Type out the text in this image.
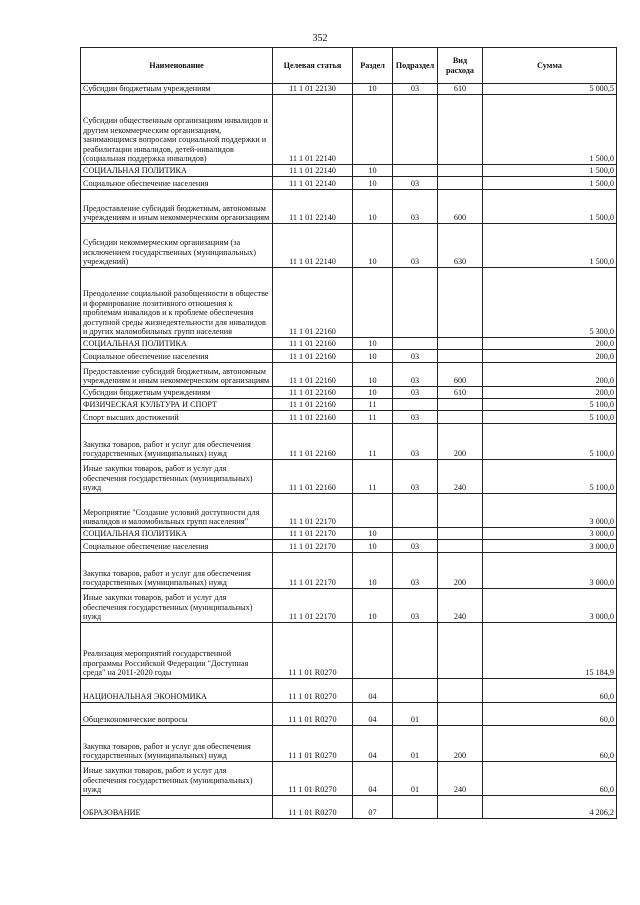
352
Наименование	Целевая статья	Раздел	Подраздел	Вид расхода	Сумма
Субсидии бюджетным учреждениям	11 1 01 22130	10	03	610	5 000,5
Субсидии общественным организациям инвалидов и другим некоммерческим организациям, занимающимся вопросами социальной поддержки и реабилитации инвалидов, детей-инвалидов (социальная поддержка инвалидов)	11 1 01 22140				1 500,0
СОЦИАЛЬНАЯ ПОЛИТИКА	11 1 01 22140	10			1 500,0
Социальное обеспечение населения	11 1 01 22140	10	03		1 500,0
Предоставление субсидий бюджетным, автономным учреждениям и иным некоммерческим организациям	11 1 01 22140	10	03	600	1 500,0
Субсидии некоммерческим организациям (за исключением государственных (муниципальных) учреждений)	11 1 01 22140	10	03	630	1 500,0
Преодоление социальной разобщенности в обществе и формирование позитивного отношения к проблемам инвалидов и к проблеме обеспечения доступной среды жизнедеятельности для инвалидов и других маломобильных групп населения	11 1 01 22160				5 300,0
СОЦИАЛЬНАЯ ПОЛИТИКА	11 1 01 22160	10			200,0
Социальное обеспечение населения	11 1 01 22160	10	03		200,0
Предоставление субсидий бюджетным, автономным учреждениям и иным некоммерческим организациям	11 1 01 22160	10	03	600	200,0
Субсидии бюджетным учреждениям	11 1 01 22160	10	03	610	200,0
ФИЗИЧЕСКАЯ КУЛЬТУРА И СПОРТ	11 1 01 22160	11			5 100,0
Спорт высших достижений	11 1 01 22160	11	03		5 100,0
Закупка товаров, работ и услуг для обеспечения государственных (муниципальных) нужд	11 1 01 22160	11	03	200	5 100,0
Иные закупки товаров, работ и услуг для обеспечения государственных (муниципальных) нужд	11 1 01 22160	11	03	240	5 100,0
Мероприятие "Создание условий доступности для инвалидов и маломобильных групп населения"	11 1 01 22170				3 000,0
СОЦИАЛЬНАЯ ПОЛИТИКА	11 1 01 22170	10			3 000,0
Социальное обеспечение населения	11 1 01 22170	10	03		3 000,0
Закупка товаров, работ и услуг для обеспечения государственных (муниципальных) нужд	11 1 01 22170	10	03	200	3 000,0
Иные закупки товаров, работ и услуг для обеспечения государственных (муниципальных) нужд	11 1 01 22170	10	03	240	3 000,0
Реализация мероприятий государственной программы Российской Федерации "Доступная среда" на 2011-2020 годы	11 1 01 R0270				15 184,9
НАЦИОНАЛЬНАЯ ЭКОНОМИКА	11 1 01 R0270	04			60,0
Общеэкономические вопросы	11 1 01 R0270	04	01		60,0
Закупка товаров, работ и услуг для обеспечения государственных (муниципальных) нужд	11 1 01 R0270	04	01	200	60,0
Иные закупки товаров, работ и услуг для обеспечения государственных (муниципальных) нужд	11 1 01 R0270	04	01	240	60,0
ОБРАЗОВАНИЕ	11 1 01 R0270	07			4 206,2
